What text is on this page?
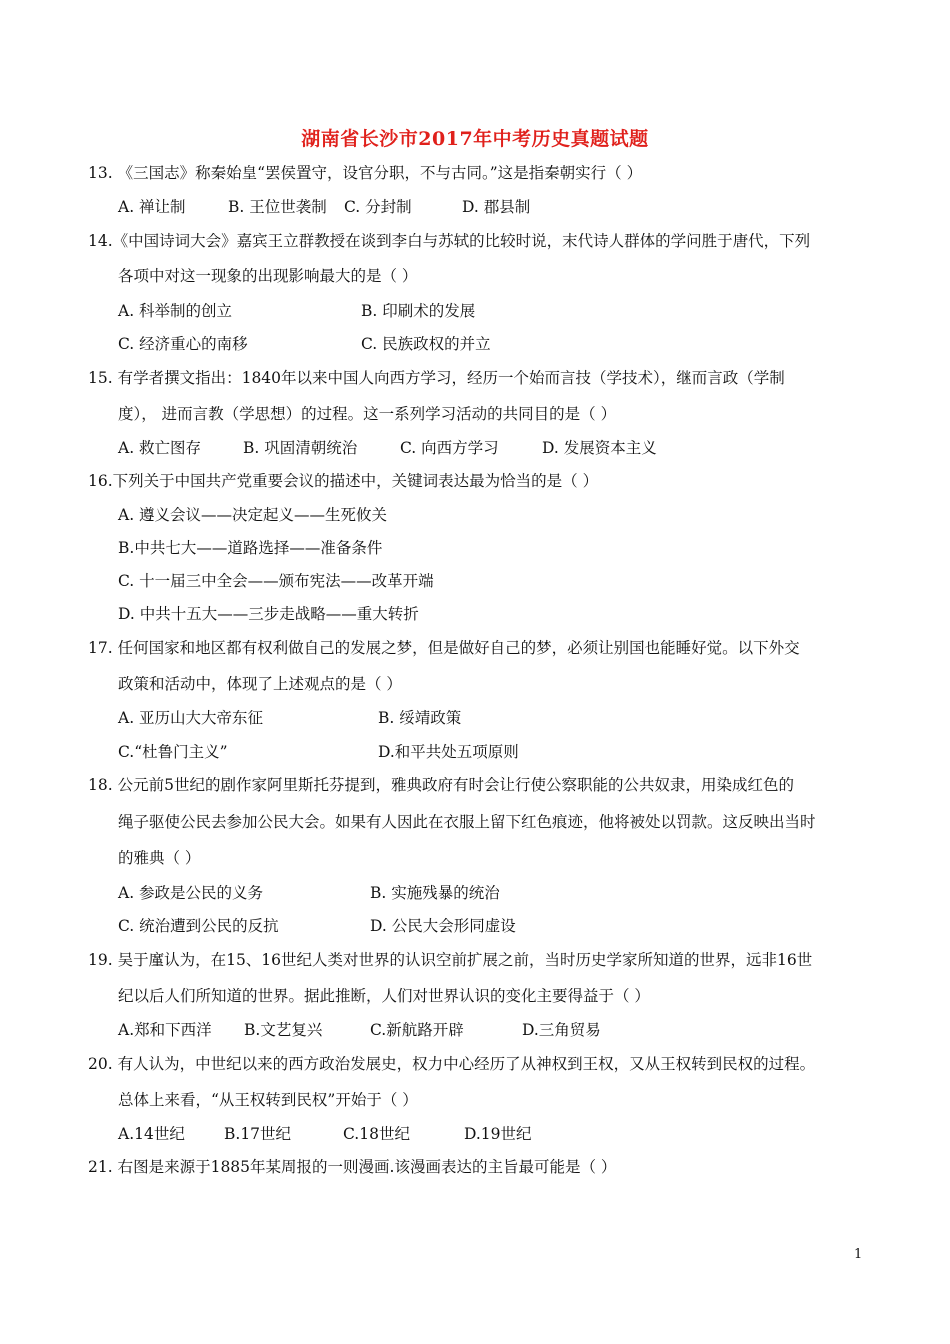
湖南省长沙市2017年中考历史真题试题
13. 《三国志》称秦始皇“罢侯置守，设官分职，不与古同。”这是指秦朝实行（ ）
A. 禅让制	B. 王位世袭制 C. 分封制	D. 郡县制
14.《中国诗词大会》嘉宾王立群教授在谈到李白与苏轼的比较时说，末代诗人群体的学问胜于唐代，下列
各项中对这一现象的出现影响最大的是（ ）
A. 科举制的创立	B. 印刷术的发展
C. 经济重心的南移	C. 民族政权的并立
15. 有学者撰文指出：1840年以来中国人向西方学习，经历一个始而言技（学技术），继而言政（学制
度）， 进而言教（学思想）的过程。这一系列学习活动的共同目的是（ ）
A. 救亡图存	B. 巩固清朝统治	C. 向西方学习	D. 发展资本主义
16.下列关于中国共产党重要会议的描述中，关键词表达最为恰当的是（ ）
A. 遵义会议——决定起义——生死攸关
B.中共七大——道路选择——准备条件
C. 十一届三中全会——颁布宪法——改革开端
D. 中共十五大——三步走战略——重大转折
17. 任何国家和地区都有权利做自己的发展之梦，但是做好自己的梦，必须让别国也能睡好觉。以下外交
政策和活动中，体现了上述观点的是（ ）
A. 亚历山大大帝东征	B. 绥靖政策
C.“杜鲁门主义”	D.和平共处五项原则
18. 公元前5世纪的剧作家阿里斯托芬提到，雅典政府有时会让行使公察职能的公共奴隶，用染成红色的
绳子驱使公民去参加公民大会。如果有人因此在衣服上留下红色痕迹，他将被处以罚款。这反映出当时
的雅典（ ）
A. 参政是公民的义务	B. 实施残暴的统治
C. 统治遭到公民的反抗	D. 公民大会形同虚设
19. 吴于廑认为，在15、16世纪人类对世界的认识空前扩展之前，当时历史学家所知道的世界，远非16世
纪以后人们所知道的世界。据此推断，人们对世界认识的变化主要得益于（ ）
A.郑和下西洋 B.文艺复兴	C.新航路开辟	D.三角贸易
20. 有人认为，中世纪以来的西方政治发展史，权力中心经历了从神权到王权，又从王权转到民权的过程。
总体上来看，“从王权转到民权”开始于（ ）
A.14世纪	B.17世纪	C.18世纪	D.19世纪
21. 右图是来源于1885年某周报的一则漫画.该漫画表达的主旨最可能是（ ）
1
